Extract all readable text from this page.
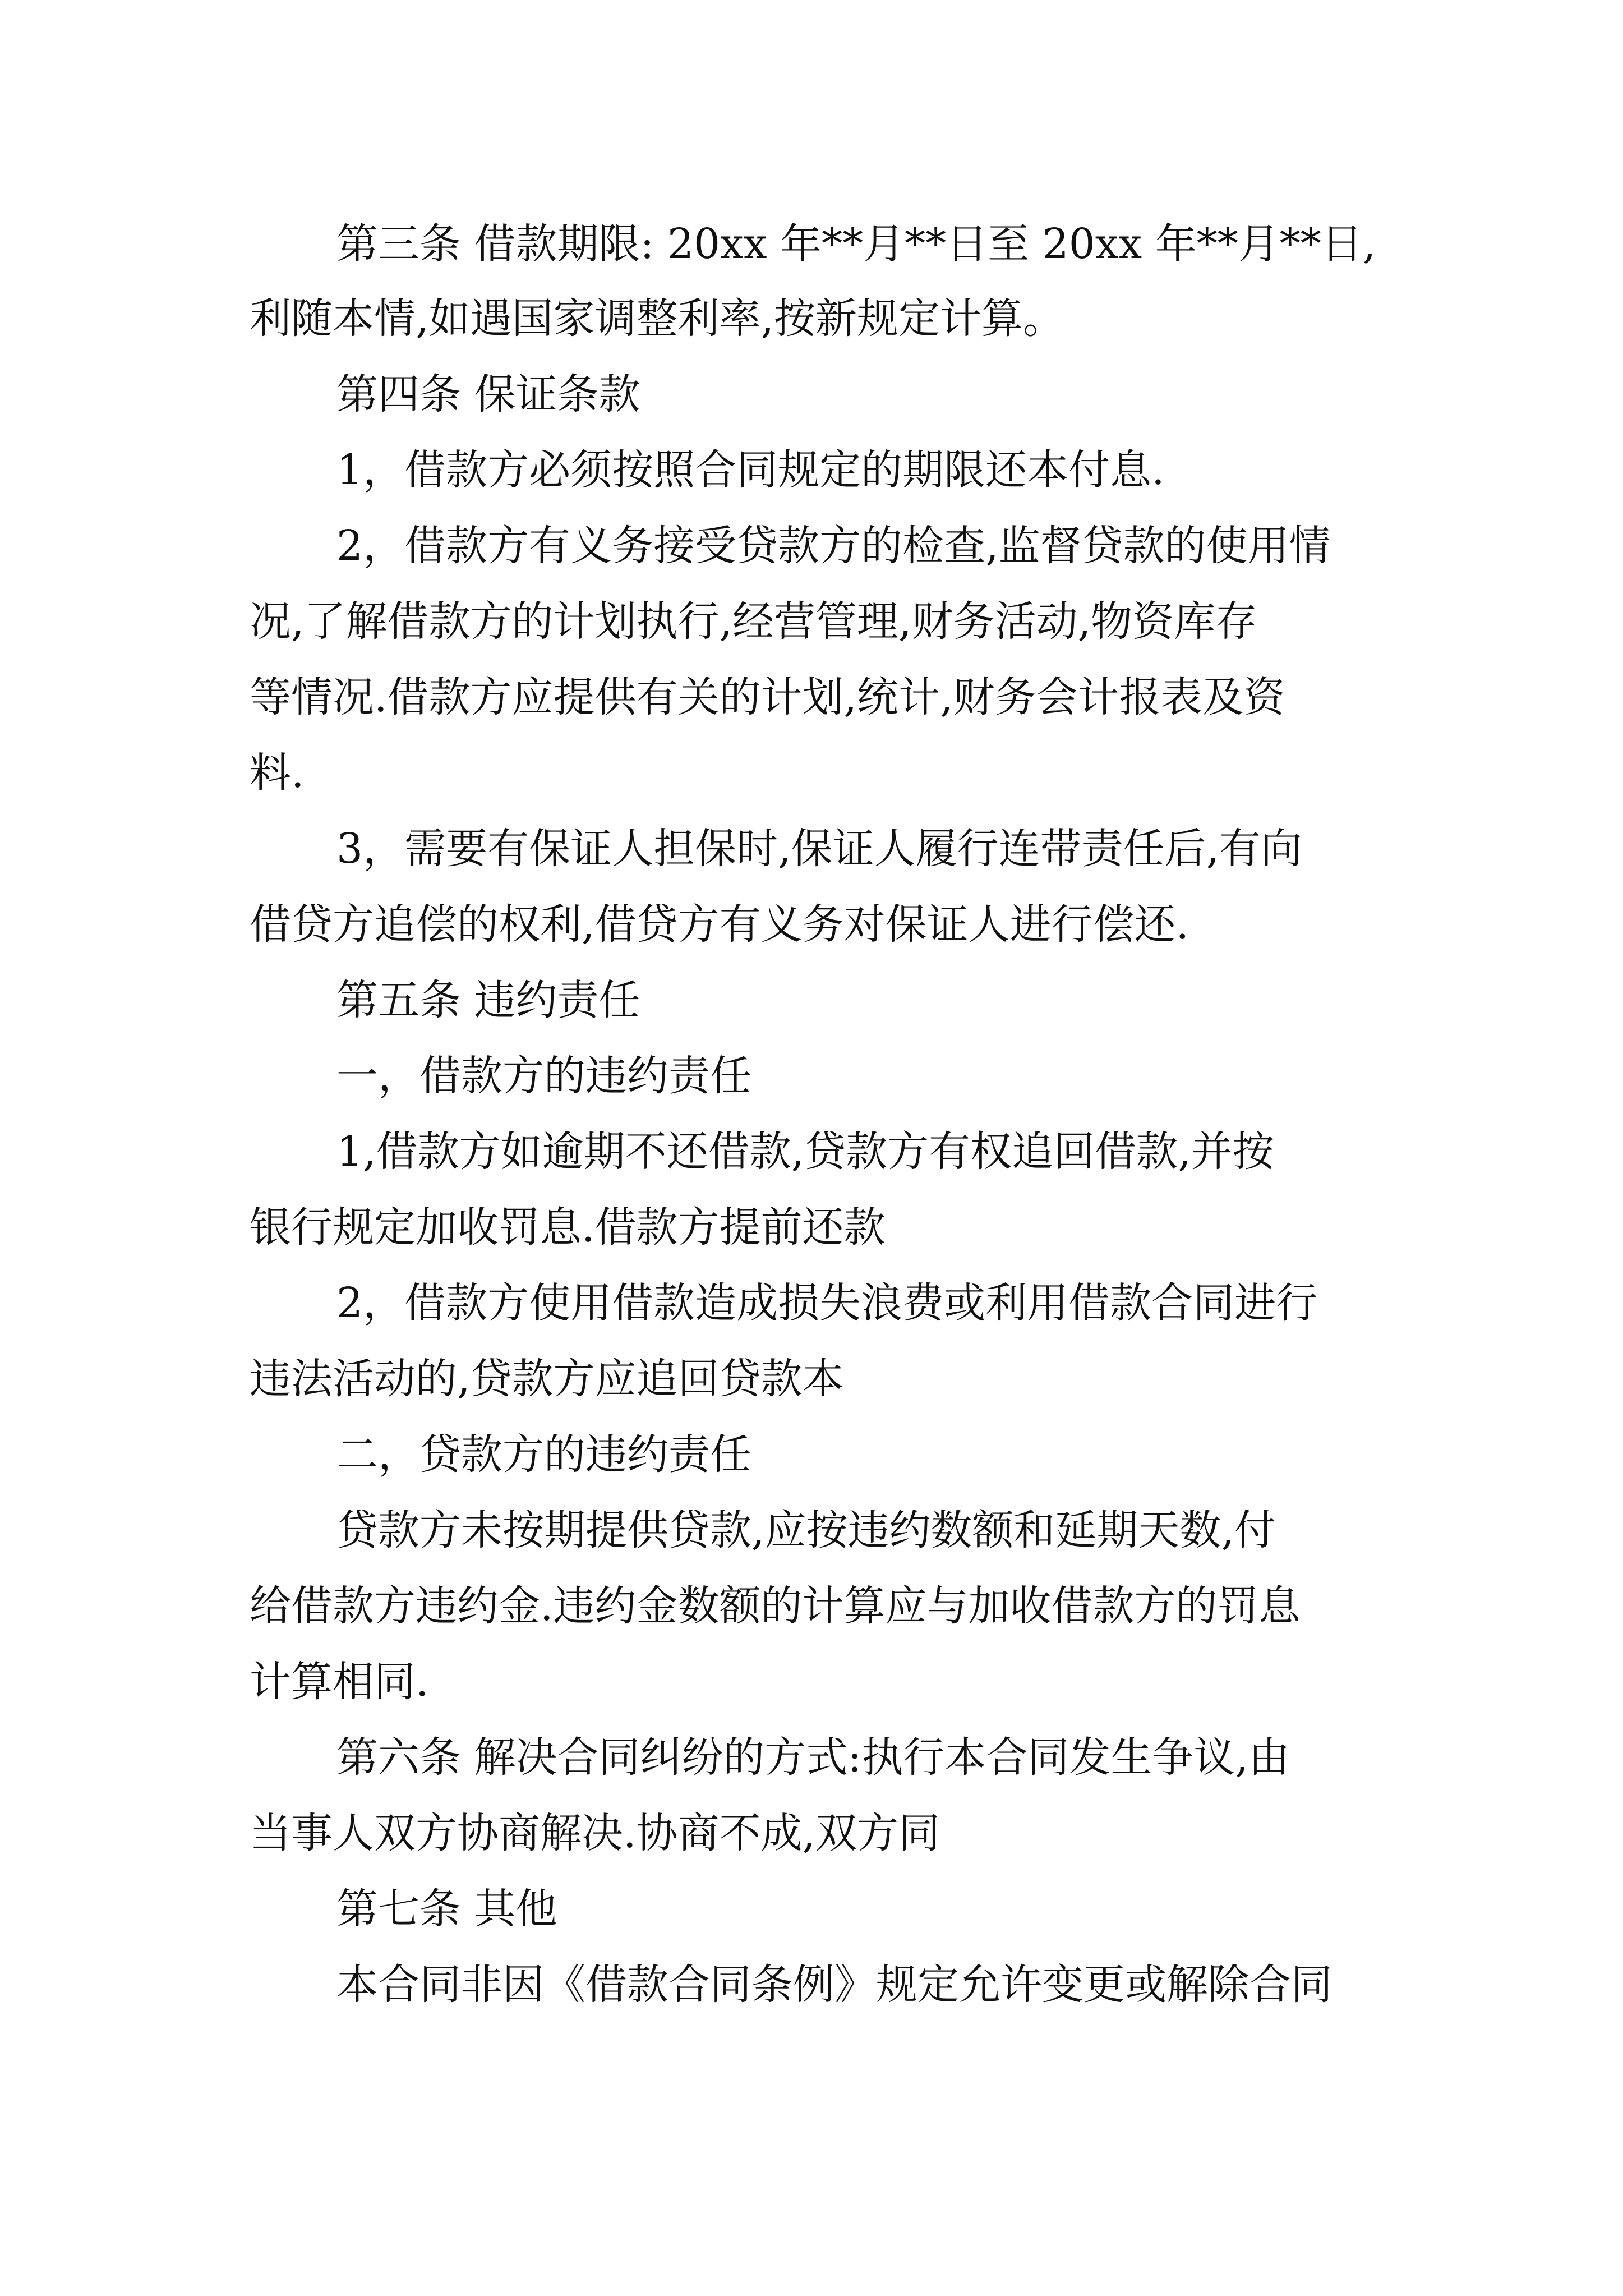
第三条 借款期限: 20xx 年**月**日至 20xx 年**月**日,
利随本情,如遇国家调整利率,按新规定计算。
第四条 保证条款
1，借款方必须按照合同规定的期限还本付息.
2，借款方有义务接受贷款方的检查,监督贷款的使用情
况,了解借款方的计划执行,经营管理,财务活动,物资库存
等情况.借款方应提供有关的计划,统计,财务会计报表及资
料.
3，需要有保证人担保时,保证人履行连带责任后,有向
借贷方追偿的权利,借贷方有义务对保证人进行偿还.
第五条 违约责任
一，借款方的违约责任
1,借款方如逾期不还借款,贷款方有权追回借款,并按
银行规定加收罚息.借款方提前还款
2，借款方使用借款造成损失浪费或利用借款合同进行
违法活动的,贷款方应追回贷款本
二，贷款方的违约责任
贷款方未按期提供贷款,应按违约数额和延期天数,付
给借款方违约金.违约金数额的计算应与加收借款方的罚息
计算相同.
第六条 解决合同纠纷的方式:执行本合同发生争议,由
当事人双方协商解决.协商不成,双方同
第七条 其他
本合同非因《借款合同条例》规定允许变更或解除合同
